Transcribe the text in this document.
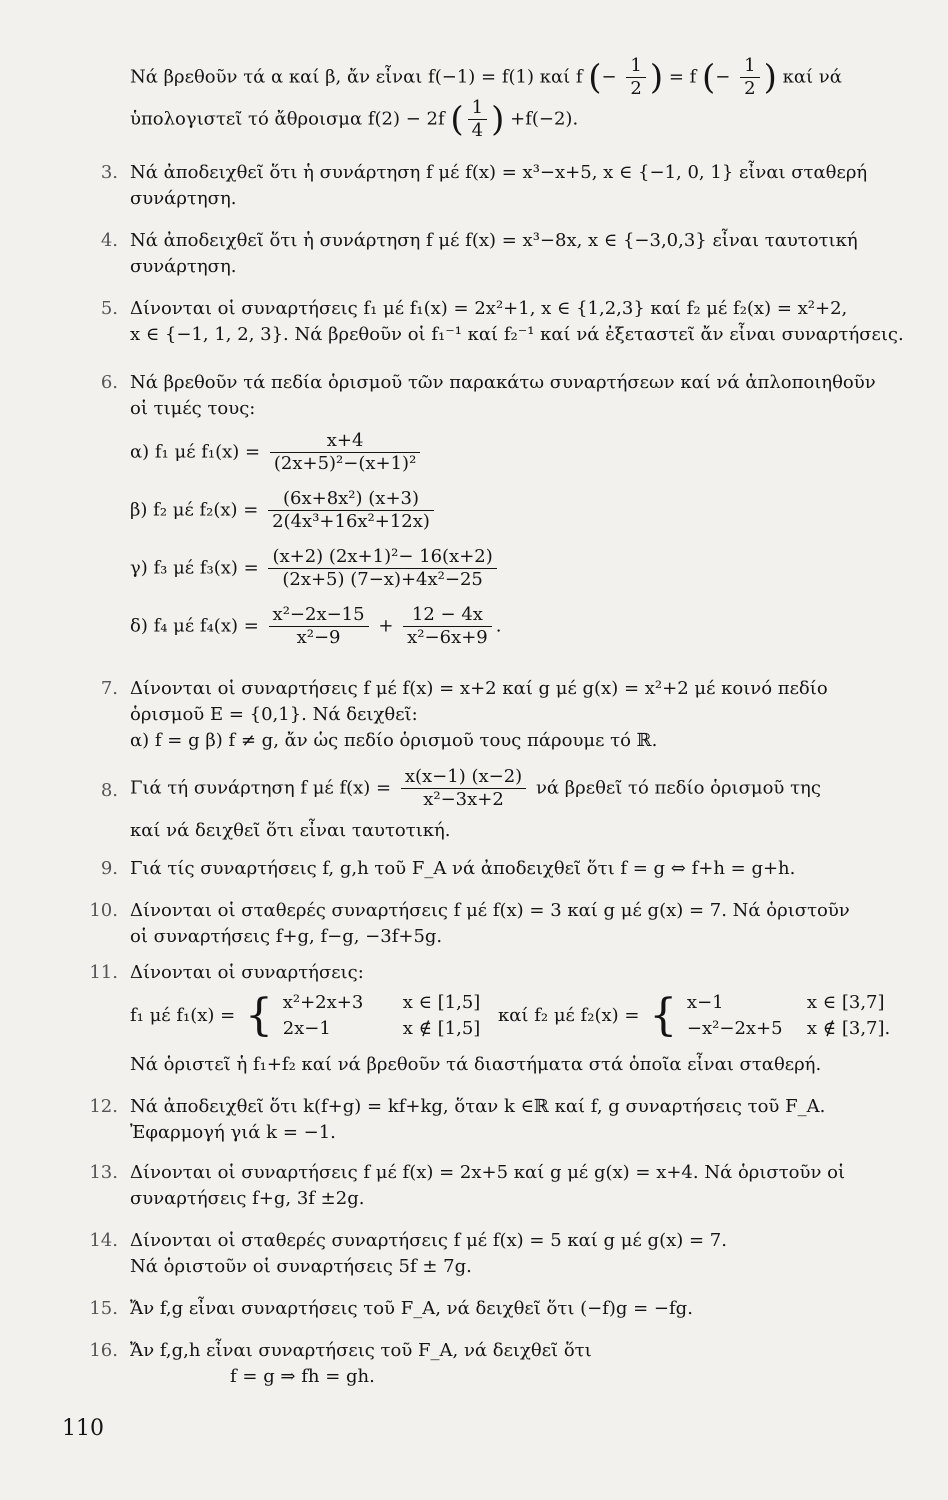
Νά βρεθοῦν τά α καί β, ἄν εἶναι f(−1) = f(1) καί f (− $\frac{1}{2}$ ) = f (− $\frac{1}{2}$ ) καί νά
ὑπολογιστεῖ τό ἄθροισμα f(2) − 2f ( $\frac{1}{4}$ ) +f(−2).
3. Νά ἀποδειχθεῖ ὅτι ἡ συνάρτηση f μέ f(x) = x³−x+5, x ∈ {−1, 0, 1} εἶναι σταθερή
συνάρτηση.
4. Νά ἀποδειχθεῖ ὅτι ἡ συνάρτηση f μέ f(x) = x³−8x, x ∈ {−3,0,3} εἶναι ταυτοτική
συνάρτηση.
5. Δίνονται οἱ συναρτήσεις f₁ μέ f₁(x) = 2x²+1, x ∈ {1,2,3} καί f₂ μέ f₂(x) = x²+2,
x ∈ {−1, 1, 2, 3}. Νά βρεθοῦν οἱ f₁⁻¹ καί f₂⁻¹ καί νά ἐξεταστεῖ ἄν εἶναι συναρτήσεις.
6. Νά βρεθοῦν τά πεδία ὁρισμοῦ τῶν παρακάτω συναρτήσεων καί νά ἁπλοποιηθοῦν
οἱ τιμές τους:
α) f₁ μέ $f_1(x) = \frac{x+4}{\text{(2x+5)²−(x+1)²}}$
β) f₂ μέ $f_2(x) = \frac{\text{(6x+8x²) (x+3)}}{\text{2(4x³+16x²+12x)}}$
γ) f₃ μέ $f_3(x) = \frac{\text{(x+2) (2x+1)²− 16(x+2)}}{\text{(2x+5) (7−x)+4x²−25}}$
δ) f₄ μέ $f_4(x) = \frac{\text{x²−2x−15}}{\text{x²−9}} + \frac{12 - 4x}{\text{x²−6x+9}}$ .
7. Δίνονται οἱ συναρτήσεις f μέ f(x) = x+2 καί g μέ g(x) = x²+2 μέ κοινό πεδίο
ὁρισμοῦ E = {0,1}. Νά δειχθεῖ:
α) f = g β) f ≠ g, ἄν ὡς πεδίο ὁρισμοῦ τους πάρουμε τό ℝ.
8. Γιά τή συνάρτηση f μέ $f(x) = \frac{x(x-1) (x-2)}{\text{x²−3x+2}}$ νά βρεθεῖ τό πεδίο ὁρισμοῦ της
καί νά δειχθεῖ ὅτι εἶναι ταυτοτική.
9. Γιά τίς συναρτήσεις f, g,h τοῦ F_A νά ἀποδειχθεῖ ὅτι f = g ⇔ f+h = g+h.
10. Δίνονται οἱ σταθερές συναρτήσεις f μέ f(x) = 3 καί g μέ g(x) = 7. Νά ὁριστοῦν
οἱ συναρτήσεις f+g, f−g, −3f+5g.
11. Δίνονται οἱ συναρτήσεις:
f₁ μέ f₁(x) = { x²+2x+3 x ∈ [1,5]
2x−1	x ∉ [1,5]
καί f₂ μέ f₂(x) = { x−1	x ∈ [3,7]
−x²−2x+5 x ∉ [3,7].
Νά ὁριστεῖ ἡ f₁+f₂ καί νά βρεθοῦν τά διαστήματα στά ὁποῖα εἶναι σταθερή.
12. Νά ἀποδειχθεῖ ὅτι k(f+g) = kf+kg, ὅταν k ∈ℝ καί f, g συναρτήσεις τοῦ F_A.
Ἐφαρμογή γιά k = −1.
13. Δίνονται οἱ συναρτήσεις f μέ f(x) = 2x+5 καί g μέ g(x) = x+4. Νά ὁριστοῦν οἱ
συναρτήσεις f+g, 3f ±2g.
14. Δίνονται οἱ σταθερές συναρτήσεις f μέ f(x) = 5 καί g μέ g(x) = 7.
Νά ὁριστοῦν οἱ συναρτήσεις 5f ± 7g.
15. Ἄν f,g εἶναι συναρτήσεις τοῦ F_A, νά δειχθεῖ ὅτι (−f)g = −fg.
16. Ἄν f,g,h εἶναι συναρτήσεις τοῦ F_A, νά δειχθεῖ ὅτι
f = g ⇒ fh = gh.
110
